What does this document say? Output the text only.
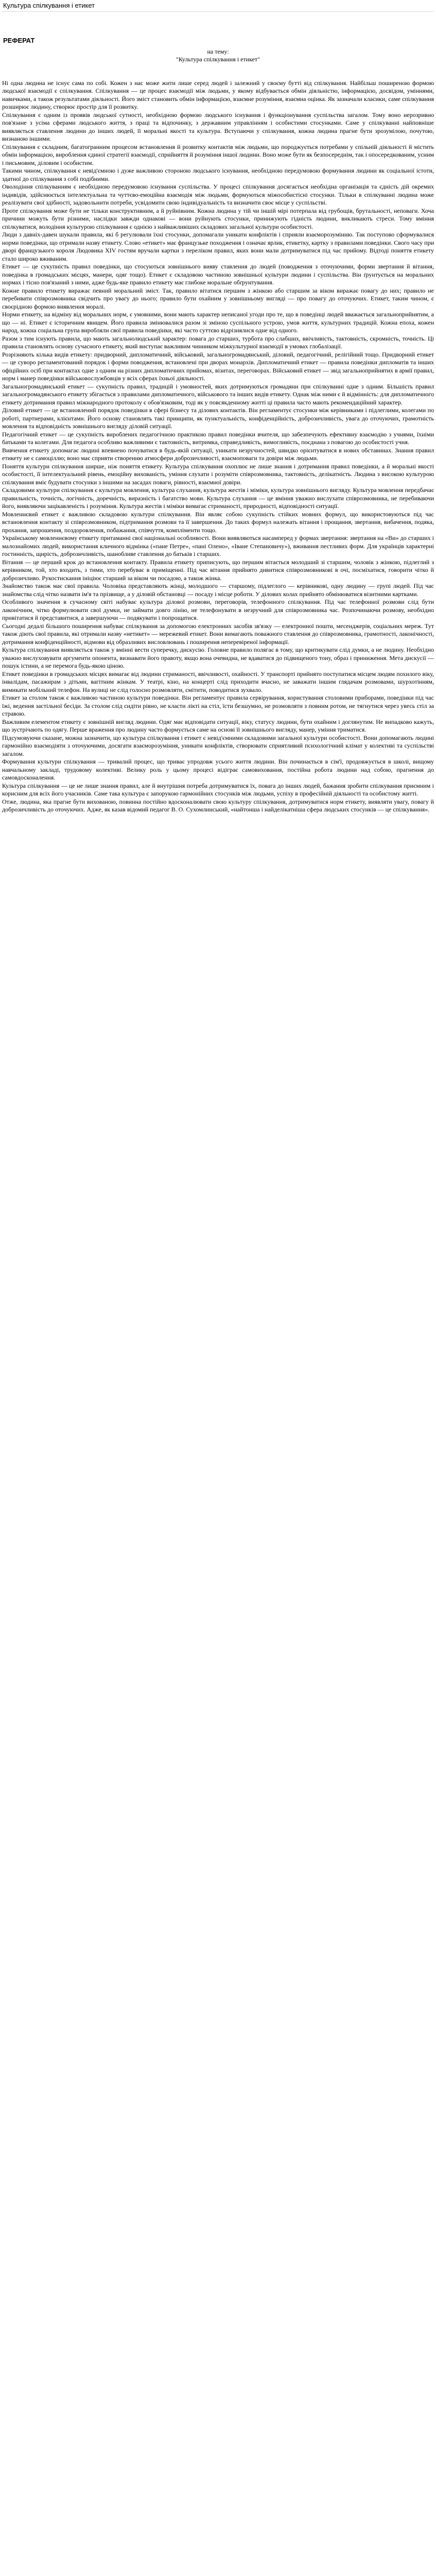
Культура спілкування і етикет
РЕФЕРАТ

на тему:

"Культура спілкування і етикет"

Ні одна людина не існує сама по собі. Кожен з нас може жити лише серед людей і залежний у своєму бутті від спілкування. Найбільш поширеною формою людської взаємодії є спілкування. Спілкування — це процес взаємодії між людьми, у якому відбувається обмін діяльністю, інформацією, досвідом, уміннями, навичками, а також результатами діяльності. Його зміст становить обмін інформацією, взаємне розуміння, взаємна оцінка. Як зазначали класики, саме спілкування розширює людину, створює простір для її розвитку.

Спілкування є одним із проявів людської сутності, необхідною формою людського існування і функціонування суспільства загалом. Тому воно нерозривно пов'язане з усіма сферами людського життя, з праці та відпочинку, з державним управлінням і особистими стосунками. Саме у спілкуванні найповніше виявляється ставлення людини до інших людей, її моральні якості та культура. Вступаючи у спілкування, кожна людина прагне бути зрозумілою, почутою, визнаною іншими.

Спілкування є складним, багатогранним процесом встановлення й розвитку контактів між людьми, що породжується потребами у спільній діяльності й містить обмін інформацією, вироблення єдиної стратегії взаємодії, сприйняття й розуміння іншої людини. Воно може бути як безпосереднім, так і опосередкованим, усним і письмовим, діловим і особистим.

Такими чином, спілкування є невід'ємною і дуже важливою стороною людського існування, необхідною передумовою формування людини як соціальної істоти, здатної до спілкування з собі подібними.

Оволодіння спілкуванням є необхідною передумовою існування суспільства. У процесі спілкування досягається необхідна організація та єдність дій окремих індивідів, здійснюється інтелектуальна та чуттєво-емоційна взаємодія між людьми, формуються міжособистісні стосунки. Тільки в спілкуванні людина може реалізувати свої здібності, задовольнити потреби, усвідомити свою індивідуальність та визначити своє місце у суспільстві.

Проте спілкування може бути не тільки конструктивним, а й руйнівним. Кожна людина у тій чи іншій мірі потерпала від грубощів, брутальності, неповаги. Хоча причини можуть бути різними, наслідки завжди однакові — вони руйнують стосунки, принижують гідність людини, викликають стреси. Тому вміння спілкуватися, володіння культурою спілкування є однією з найважливіших складових загальної культури особистості.

Люди з давніх-давен шукали правила, які б регулювали їхні стосунки, допомагали уникати конфліктів і сприяли взаєморозумінню. Так поступово сформувалися норми поведінки, що отримали назву етикету. Слово «етикет» має французьке походження і означає ярлик, етикетку, картку з правилами поведінки. Свого часу при дворі французького короля Людовика XIV гостям вручали картки з переліком правил, яких вони мали дотримуватися під час прийому. Відтоді поняття етикету стало широко вживаним.

Етикет — це сукупність правил поведінки, що стосуються зовнішнього вияву ставлення до людей (поводження з оточуючими, форми звертання й вітання, поведінка в громадських місцях, манери, одяг тощо). Етикет є складовою частиною зовнішньої культури людини і суспільства. Він ґрунтується на моральних нормах і тісно пов'язаний з ними, адже будь-яке правило етикету має глибоке моральне обґрунтування.

Кожне правило етикету виражає певний моральний зміст. Так, правило вітатися першим з жінкою або старшим за віком виражає повагу до них; правило не перебивати співрозмовника свідчить про увагу до нього; правило бути охайним у зовнішньому вигляді — про повагу до оточуючих. Етикет, таким чином, є своєрідною формою виявлення моралі.

Норми етикету, на відміну від моральних норм, є умовними, вони мають характер неписаної угоди про те, що в поведінці людей вважається загальноприйнятим, а що — ні. Етикет є історичним явищем. Його правила змінювалися разом зі зміною суспільного устрою, умов життя, культурних традицій. Кожна епоха, кожен народ, кожна соціальна група виробляли свої правила поведінки, які часто суттєво відрізнялися одне від одного.

Разом з тим існують правила, що мають загальнолюдський характер: повага до старших, турбота про слабших, ввічливість, тактовність, скромність, точність. Ці правила становлять основу сучасного етикету, який виступає важливим чинником міжкультурної взаємодії в умовах глобалізації.

Розрізняють кілька видів етикету: придворний, дипломатичний, військовий, загальногромадянський, діловий, педагогічний, релігійний тощо. Придворний етикет — це суворо регламентований порядок і форми поводження, встановлені при дворах монархів. Дипломатичний етикет — правила поведінки дипломатів та інших офіційних осіб при контактах одне з одним на різних дипломатичних прийомах, візитах, переговорах. Військовий етикет — звід загальноприйнятих в армії правил, норм і манер поведінки військовослужбовців у всіх сферах їхньої діяльності.

Загальногромадянський етикет — сукупність правил, традицій і умовностей, яких дотримуються громадяни при спілкуванні одне з одним. Більшість правил загальногромадянського етикету збігається з правилами дипломатичного, військового та інших видів етикету. Однак між ними є й відмінність: для дипломатичного етикету дотримання правил міжнародного протоколу є обов'язковим, тоді як у повсякденному житті ці правила часто мають рекомендаційний характер.

Діловий етикет — це встановлений порядок поведінки в сфері бізнесу та ділових контактів. Він регламентує стосунки між керівниками і підлеглими, колегами по роботі, партнерами, клієнтами. Його основу становлять такі принципи, як пунктуальність, конфіденційність, доброзичливість, увага до оточуючих, грамотність мовлення та відповідність зовнішнього вигляду діловій ситуації.

Педагогічний етикет — це сукупність вироблених педагогічною практикою правил поведінки вчителя, що забезпечують ефективну взаємодію з учнями, їхніми батьками та колегами. Для педагога особливо важливими є тактовність, витримка, справедливість, вимогливість, поєднана з повагою до особистості учня.

Вивчення етикету допомагає людині впевнено почуватися в будь-якій ситуації, уникати незручностей, швидко орієнтуватися в нових обставинах. Знання правил етикету не є самоціллю; воно має сприяти створенню атмосфери доброзичливості, взаємоповаги та довіри між людьми.

Поняття культури спілкування ширше, ніж поняття етикету. Культура спілкування охоплює не лише знання і дотримання правил поведінки, а й моральні якості особистості, її інтелектуальний рівень, емоційну вихованість, уміння слухати і розуміти співрозмовника, тактовність, делікатність. Людина з високою культурою спілкування вміє будувати стосунки з іншими на засадах поваги, рівності, взаємної довіри.

Складовими культури спілкування є культура мовлення, культура слухання, культура жестів і міміки, культура зовнішнього вигляду. Культура мовлення передбачає правильність, точність, логічність, доречність, виразність і багатство мови. Культура слухання — це вміння уважно вислухати співрозмовника, не перебиваючи його, виявляючи зацікавленість і розуміння. Культура жестів і міміки вимагає стриманості, природності, відповідності ситуації.

Мовленнєвий етикет є важливою складовою культури спілкування. Він являє собою сукупність стійких мовних формул, що використовуються під час встановлення контакту зі співрозмовником, підтримання розмови та її завершення. До таких формул належать вітання і прощання, звертання, вибачення, подяка, прохання, запрошення, поздоровлення, побажання, співчуття, компліменти тощо.

Українському мовленнєвому етикету притаманні свої національні особливості. Вони виявляються насамперед у формах звертання: звертання на «Ви» до старших і малознайомих людей, використання кличного відмінка («пане Петре», «пані Олено», «Іване Степановичу»), вживання пестливих форм. Для українців характерні гостинність, щирість, доброзичливість, шанобливе ставлення до батьків і старших.

Вітання — це перший крок до встановлення контакту. Правила етикету приписують, що першим вітається молодший зі старшим, чоловік з жінкою, підлеглий з керівником, той, хто входить, з тими, хто перебуває в приміщенні. Під час вітання прийнято дивитися співрозмовникові в очі, посміхатися, говорити чітко й доброзичливо. Рукостискання ініціює старший за віком чи посадою, а також жінка.

Знайомство також має свої правила. Чоловіка представляють жінці, молодшого — старшому, підлеглого — керівникові, одну людину — групі людей. Під час знайомства слід чітко назвати ім'я та прізвище, а у діловій обстановці — посаду і місце роботи. У ділових колах прийнято обмінюватися візитними картками.

Особливого значення в сучасному світі набуває культура ділової розмови, переговорів, телефонного спілкування. Під час телефонної розмови слід бути лаконічним, чітко формулювати свої думки, не займати довго лінію, не телефонувати в незручний для співрозмовника час. Розпочинаючи розмову, необхідно привітатися й представитися, а завершуючи — подякувати і попрощатися.

Сьогодні дедалі більшого поширення набуває спілкування за допомогою електронних засобів зв'язку — електронної пошти, месенджерів, соціальних мереж. Тут також діють свої правила, які отримали назву «нетикет» — мережевий етикет. Вони вимагають поважного ставлення до співрозмовника, грамотності, лаконічності, дотримання конфіденційності, відмови від образливих висловлювань і поширення неперевіреної інформації.

Культура спілкування виявляється також у вмінні вести суперечку, дискусію. Головне правило полягає в тому, що критикувати слід думки, а не людину. Необхідно уважно вислуховувати аргументи опонента, визнавати його правоту, якщо вона очевидна, не вдаватися до підвищеного тону, образ і приниження. Мета дискусії — пошук істини, а не перемога будь-якою ціною.

Етикет поведінки в громадських місцях вимагає від людини стриманості, ввічливості, охайності. У транспорті прийнято поступатися місцем людям похилого віку, інвалідам, пасажирам з дітьми, вагітним жінкам. У театрі, кіно, на концерті слід приходити вчасно, не заважати іншим глядачам розмовами, шурхотінням, вимикати мобільний телефон. На вулиці не слід голосно розмовляти, смітити, поводитися зухвало.

Етикет за столом також є важливою частиною культури поведінки. Він регламентує правила сервірування, користування столовими приборами, поведінки під час їжі, ведення застільної бесіди. За столом слід сидіти рівно, не класти лікті на стіл, їсти безшумно, не розмовляти з повним ротом, не тягнутися через увесь стіл за стравою.

Важливим елементом етикету є зовнішній вигляд людини. Одяг має відповідати ситуації, віку, статусу людини, бути охайним і доглянутим. Не випадково кажуть, що зустрічають по одягу. Перше враження про людину часто формується саме на основі її зовнішнього вигляду, манер, уміння триматися.

Підсумовуючи сказане, можна зазначити, що культура спілкування і етикет є невід'ємними складовими загальної культури особистості. Вони допомагають людині гармонійно взаємодіяти з оточуючими, досягати взаєморозуміння, уникати конфліктів, створювати сприятливий психологічний клімат у колективі та суспільстві загалом.

Формування культури спілкування — тривалий процес, що триває упродовж усього життя людини. Він починається в сім'ї, продовжується в школі, вищому навчальному закладі, трудовому колективі. Велику роль у цьому процесі відіграє самовиховання, постійна робота людини над собою, прагнення до самовдосконалення.

Культура спілкування — це не лише знання правил, але й внутрішня потреба дотримуватися їх, повага до інших людей, бажання зробити спілкування приємним і корисним для всіх його учасників. Саме така культура є запорукою гармонійних стосунків між людьми, успіху в професійній діяльності та особистому житті.

Отже, людина, яка прагне бути вихованою, повинна постійно вдосконалювати свою культуру спілкування, дотримуватися норм етикету, виявляти увагу, повагу й доброзичливість до оточуючих. Адже, як казав відомий педагог В. О. Сухомлинський, «найтонша і найделікатніша сфера людських стосунків — це спілкування».
